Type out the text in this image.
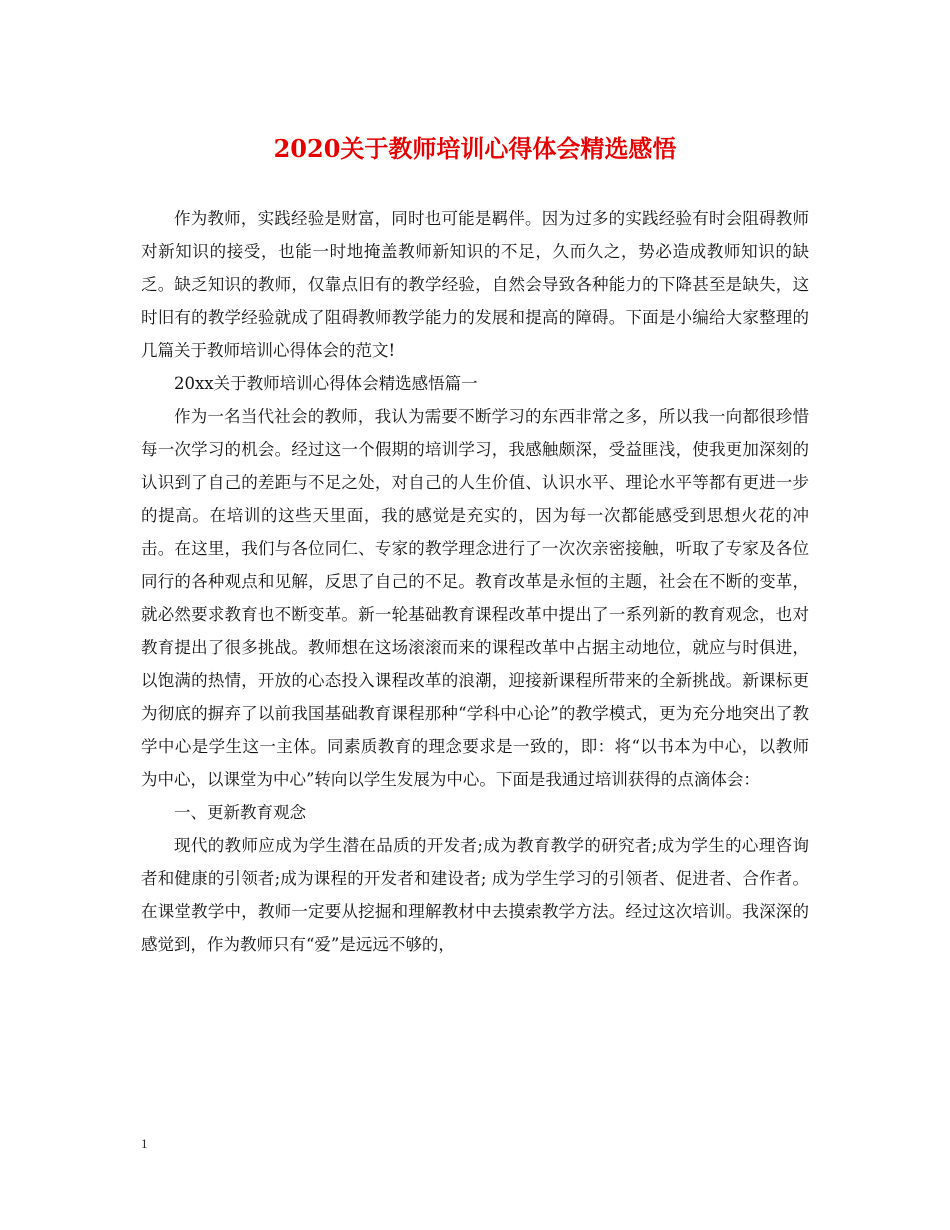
2020关于教师培训心得体会精选感悟

作为教师，实践经验是财富，同时也可能是羁伴。因为过多的实践经验有时会阻碍教师对新知识的接受，也能一时地掩盖教师新知识的不足，久而久之，势必造成教师知识的缺乏。缺乏知识的教师，仅靠点旧有的教学经验，自然会导致各种能力的下降甚至是缺失，这时旧有的教学经验就成了阻碍教师教学能力的发展和提高的障碍。下面是小编给大家整理的几篇关于教师培训心得体会的范文!

20xx关于教师培训心得体会精选感悟篇一

作为一名当代社会的教师，我认为需要不断学习的东西非常之多，所以我一向都很珍惜每一次学习的机会。经过这一个假期的培训学习，我感触颇深，受益匪浅，使我更加深刻的认识到了自己的差距与不足之处，对自己的人生价值、认识水平、理论水平等都有更进一步的提高。在培训的这些天里面，我的感觉是充实的，因为每一次都能感受到思想火花的冲击。在这里，我们与各位同仁、专家的教学理念进行了一次次亲密接触，听取了专家及各位同行的各种观点和见解，反思了自己的不足。教育改革是永恒的主题，社会在不断的变革，就必然要求教育也不断变革。新一轮基础教育课程改革中提出了一系列新的教育观念，也对教育提出了很多挑战。教师想在这场滚滚而来的课程改革中占据主动地位，就应与时俱进，以饱满的热情，开放的心态投入课程改革的浪潮，迎接新课程所带来的全新挑战。新课标更为彻底的摒弃了以前我国基础教育课程那种“学科中心论”的教学模式，更为充分地突出了教学中心是学生这一主体。同素质教育的理念要求是一致的，即：将“以书本为中心，以教师为中心，以课堂为中心”转向以学生发展为中心。下面是我通过培训获得的点滴体会：

一、更新教育观念

现代的教师应成为学生潜在品质的开发者;成为教育教学的研究者;成为学生的心理咨询者和健康的引领者;成为课程的开发者和建设者; 成为学生学习的引领者、促进者、合作者。在课堂教学中，教师一定要从挖掘和理解教材中去摸索教学方法。经过这次培训。我深深的感觉到，作为教师只有“爱”是远远不够的，

1
